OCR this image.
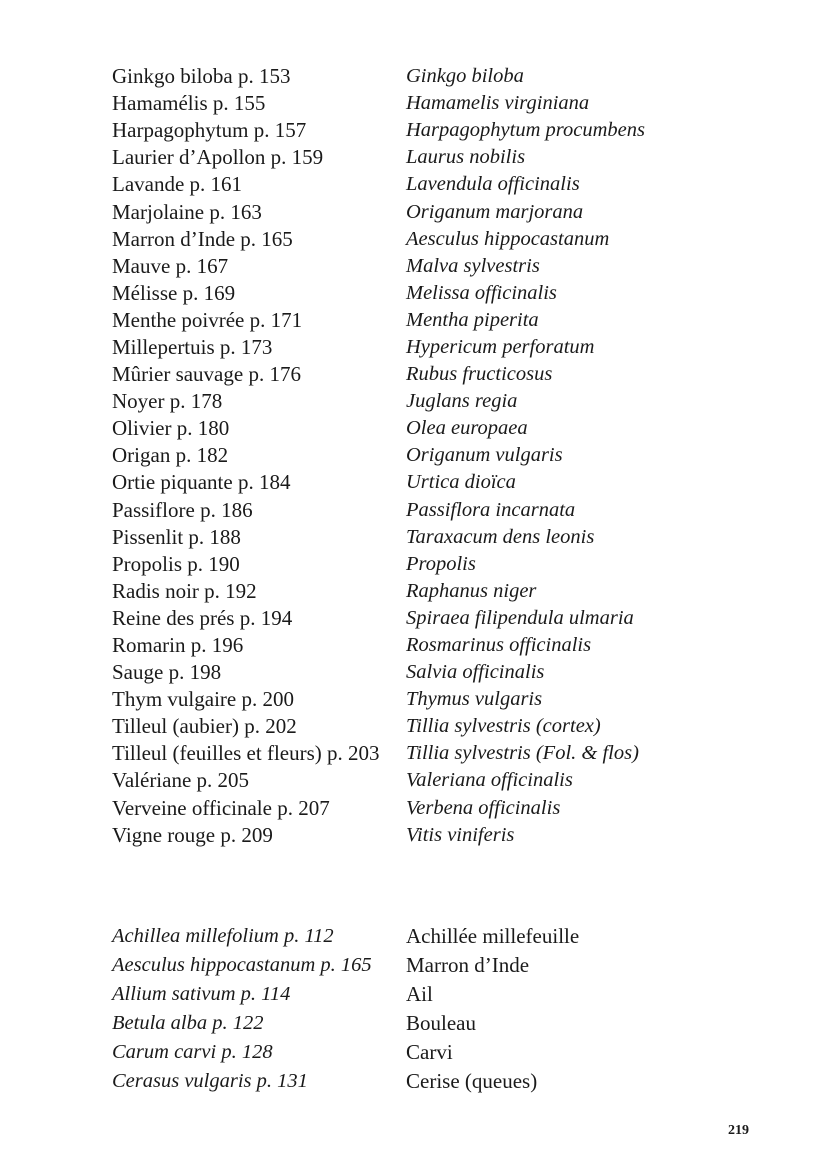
Ginkgo biloba p. 153	Ginkgo biloba
Hamamélis p. 155	Hamamelis virginiana
Harpagophytum p. 157	Harpagophytum procumbens
Laurier d’Apollon p. 159	Laurus nobilis
Lavande p. 161	Lavendula officinalis
Marjolaine p. 163	Origanum marjorana
Marron d’Inde p. 165	Aesculus hippocastanum
Mauve p. 167	Malva sylvestris
Mélisse p. 169	Melissa officinalis
Menthe poivrée p. 171	Mentha piperita
Millepertuis p. 173	Hypericum perforatum
Mûrier sauvage p. 176	Rubus fructicosus
Noyer p. 178	Juglans regia
Olivier p. 180	Olea europaea
Origan p. 182	Origanum vulgaris
Ortie piquante p. 184	Urtica dioïca
Passiflore p. 186	Passiflora incarnata
Pissenlit p. 188	Taraxacum dens leonis
Propolis p. 190	Propolis
Radis noir p. 192	Raphanus niger
Reine des prés p. 194	Spiraea filipendula ulmaria
Romarin p. 196	Rosmarinus officinalis
Sauge p. 198	Salvia officinalis
Thym vulgaire p. 200	Thymus vulgaris
Tilleul (aubier) p. 202	Tillia sylvestris (cortex)
Tilleul (feuilles et fleurs) p. 203	Tillia sylvestris (Fol. & flos)
Valériane p. 205	Valeriana officinalis
Verveine officinale p. 207	Verbena officinalis
Vigne rouge p. 209	Vitis viniferis
Achillea millefolium p. 112	Achillée millefeuille
Aesculus hippocastanum p. 165	Marron d’Inde
Allium sativum p. 114	Ail
Betula alba p. 122	Bouleau
Carum carvi p. 128	Carvi
Cerasus vulgaris p. 131	Cerise (queues)
219
